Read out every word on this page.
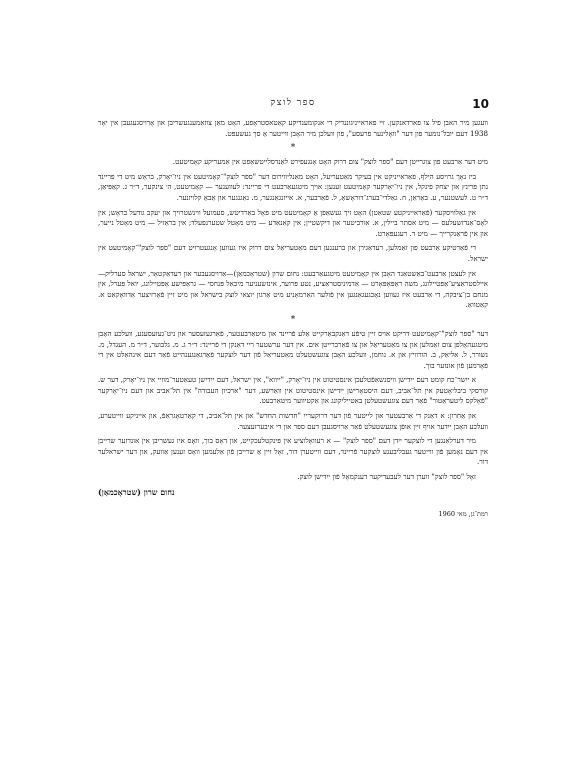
10
ספר לוצק

וועגען מיר האבן פיל צו פארדאנקען. זיי פאראייניגוננדיק די אנקומענדיקע קאַטאסטראָפע, האָט מאַן צוזאַמענגעשריבן און אָרויסגעגעבן אין יאָר 1938 דעם יובל־נומער פון דער "וואָלינער פרעסע", פון וועלכן מיר האָבן ווייטער אַ סך געשעפּט.

*

מיט דער אַרבעט פון צוגרייטן דעם "ספר לוצק" צום דרוק האָט אָנגעפירט לאַנדסלייטשאַפט אין אַמעריקע קאָמיטעט.

ביז נאָך גרויסע הילף, פאַראייניקט אין בעיקר מאַטעריעל, האָט מאַנליווירום דער "ספר לוצק"־קאָמיטעט אין ניו־יאָרק, בראָש מיט די פריינד נתן פּרינץ און יצחק פינקל, אין ניו־יאָרקער קאָמיטעט זענען: אויך מיטגעאַרבעט די פריינד: לעווענער — קאָמיטעט, ה׳ צינקער, ד״ר ג. קאַפּיאַן, ד״ר ט. לעשטנער, ע. באַראַן, ח. גאַלדי־בערג־דוראָשאַ, ל. פֿאַרבער, א. אייזנגאַנגער, מ. נאַגנגער און אַבאַ קלויזנער.

אין גאַלוויסקער (פֿאַראייניקטע שטאַטן) האָט זיך געשאַפן אַ קאָמיטעט מיט פּאָל באַרדיטש, סעמועל ווינשטרויך און יעקב גודעל בראָש; אין לאָס־אַנדזשעלעס — מיט אסתר ביילין, א. אורביטער און דיקשטיין; אין קאַנאַדע — מיט מאָטל שטערנפעלד; אין בראַזיל — מיט מאָטל נייער, און אין פֿראַנקרייך — מיט ד. רעגעפּאָרט.

די פֿאַרטיקע אַרבעט פון זאַמלען, רעדאַגירן און ברענגען דעם מאַטעריאַל צום דרוק איז געווען אָנגעטרויט דעם "ספר לוצק"־קאָמיטעט אין ישראל.

אין לעצטן אַרבעט־באַשטאַנד האָבן אין קאָמיטעט מיטגעאַרבעט: נחום שרון (שטראָכמאַן)—אַרויסגעבער און רעדאַקטאָר, ישראל סערליק—איילסטראַציע־אַפּטיילונג, משה ראַפּאָפּאָרט — אַדמיניסטראַציע, נטע פּרוער, אינזשעניער מיכאַל פּנחסי — גראַפּישע אָפּטיילונג, יואל פּערל, אין מנחם בן־ציבקה, די אַרבעט איז געווען נאָכגעגאַנגען אין פֿולער האַרמאָניע מיט אַרגון יוצאי לוצק בישראל און מיט זיין פֿאָרזיצער אַדוואָקאַט א. קאַטוואַ.

*

דער "ספר לוצק"־קאָמיטעט דריקט אויס זיין טיפֿע דאַנקבאַרקייט אַלע פֿריינד און מיטאַרבעטער, פֿאַרגעזעסער און ניט־געזעסענע, וועלכע האָבן מיטגעהאָלפן צום זאַמלען און צו מאַטעריאַל און צו פֿאַרברייטן אים. אין דער ערשטער ריי דאַנקן די פֿריינד: ד״ר ג. מ. גלבוער, ד״ר מ. העגדל, מ. נשורר, ל. אליאַק, ב. הורוויץ און א. נוחמן, וועלכע האָבן צוגעשטעלט מאַטעריאַל פֿון דער לוצקער פֿאַרגאַנגענהייט פֿאַר דעם אינהאַלט אין די פֿאָרמען פֿון אונזער בוך.

א ייִשר־כח קומט דעם ייִדישן וויסנשאַפֿטלעכן אינסטיטוט אין ניו־יאָרק, "ייווא", אין ישראל, דעם ייִדישן טעאַטער־מוזיי אין ניו־יאָרק, דער ש. קורסקי ביבליאָטעק אין תל־אביב, דעם היסטאָרישן ייִדישן אינסטיטוט אין וואַרשע, דער "ארכיון העבודה" אין תל־אביב און דעם ניו־יאָרקער "פֿאָלקס ליטעראַטור" פֿאַר דעם צוגעשטעלטן באַטייליקונג און אַקטיווער מיטאַרבעט.

און אַחרון: א דאַנק די אַרבעטער און לייטער פֿון דער דרוקערייִ "חדשות החדש" און אין תל־אביב, די קאַרטאָגראַפֿ, און אייניקע ווייטערע, וועלכע האָבן ייִדער אויף זיין אופֿן צוגעשטעלט פֿאַר אַרויסגעבן דעם ספר און די איבערזעצער.

מיר דערלאַנגען די לוצקער ייִדן דעם "ספר לוצק" — א רעוואָלוציע אין פּינקטלעכקייט, און דאָס בוך, וואָס איז געשריבן אין אונדזער שרייבן אין דעם נאָמען פֿון ווייטער געבליבענע לוצקער פֿריינד, דעם ווייטערן דור, זאָל זיין אַ שרייבן פֿון אַלעמען וואָס זענען אַוועק, און דער ישראלער דור.

זאָל "ספר לוצק" ווערן דער לעבעדיקער דענקמאָל פֿון ייִדישן לוצק.

נחום שרון (שטראָכמאַן)
רמת־גן, מאי 1960
